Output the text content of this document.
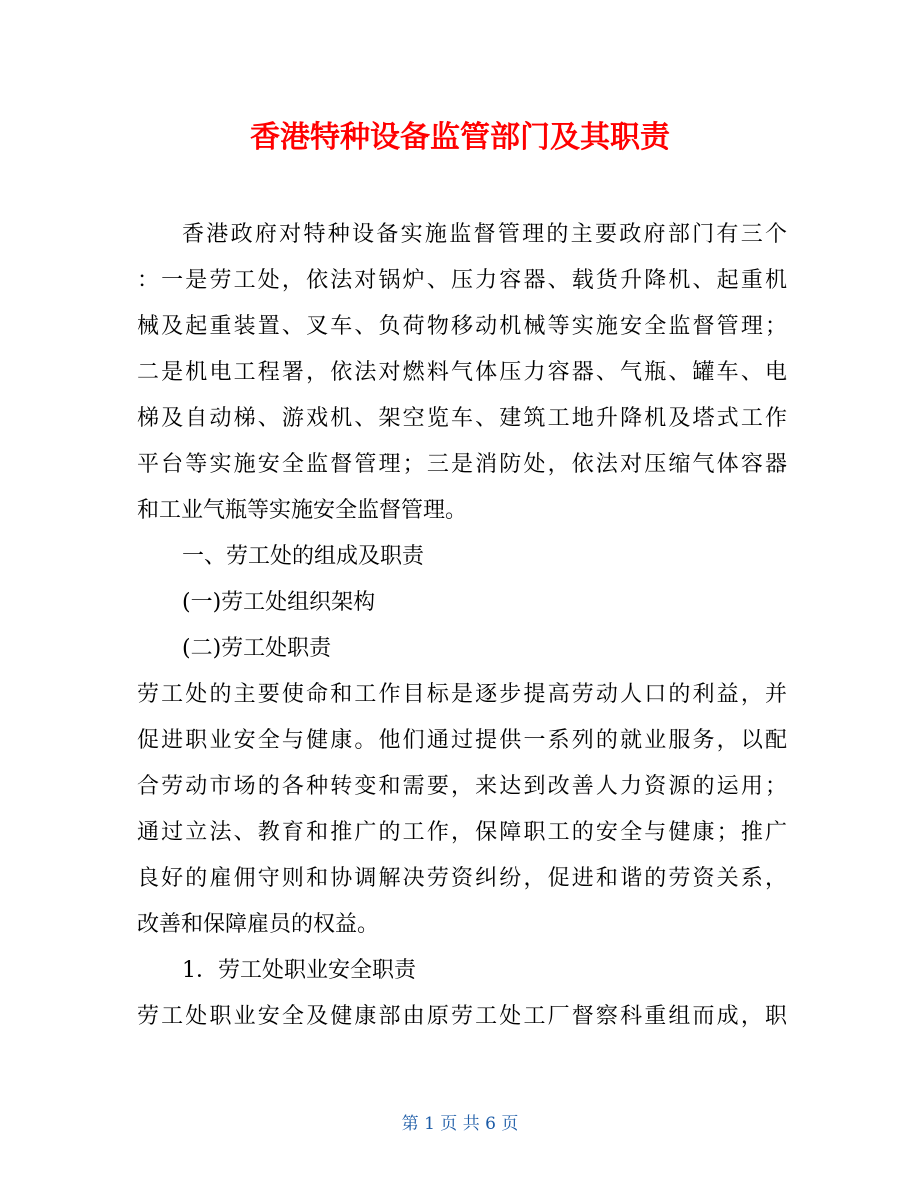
香港特种设备监管部门及其职责
香港政府对特种设备实施监督管理的主要政府部门有三个
：一是劳工处，依法对锅炉、压力容器、载货升降机、起重机
械及起重装置、叉车、负荷物移动机械等实施安全监督管理；
二是机电工程署，依法对燃料气体压力容器、气瓶、罐车、电
梯及自动梯、游戏机、架空览车、建筑工地升降机及塔式工作
平台等实施安全监督管理；三是消防处，依法对压缩气体容器
和工业气瓶等实施安全监督管理。
一、劳工处的组成及职责
(一)劳工处组织架构
(二)劳工处职责
劳工处的主要使命和工作目标是逐步提高劳动人口的利益，并
促进职业安全与健康。他们通过提供一系列的就业服务，以配
合劳动市场的各种转变和需要，来达到改善人力资源的运用；
通过立法、教育和推广的工作，保障职工的安全与健康；推广
良好的雇佣守则和协调解决劳资纠纷，促进和谐的劳资关系，
改善和保障雇员的权益。
1．劳工处职业安全职责
劳工处职业安全及健康部由原劳工处工厂督察科重组而成，职
第 1 页 共 6 页
